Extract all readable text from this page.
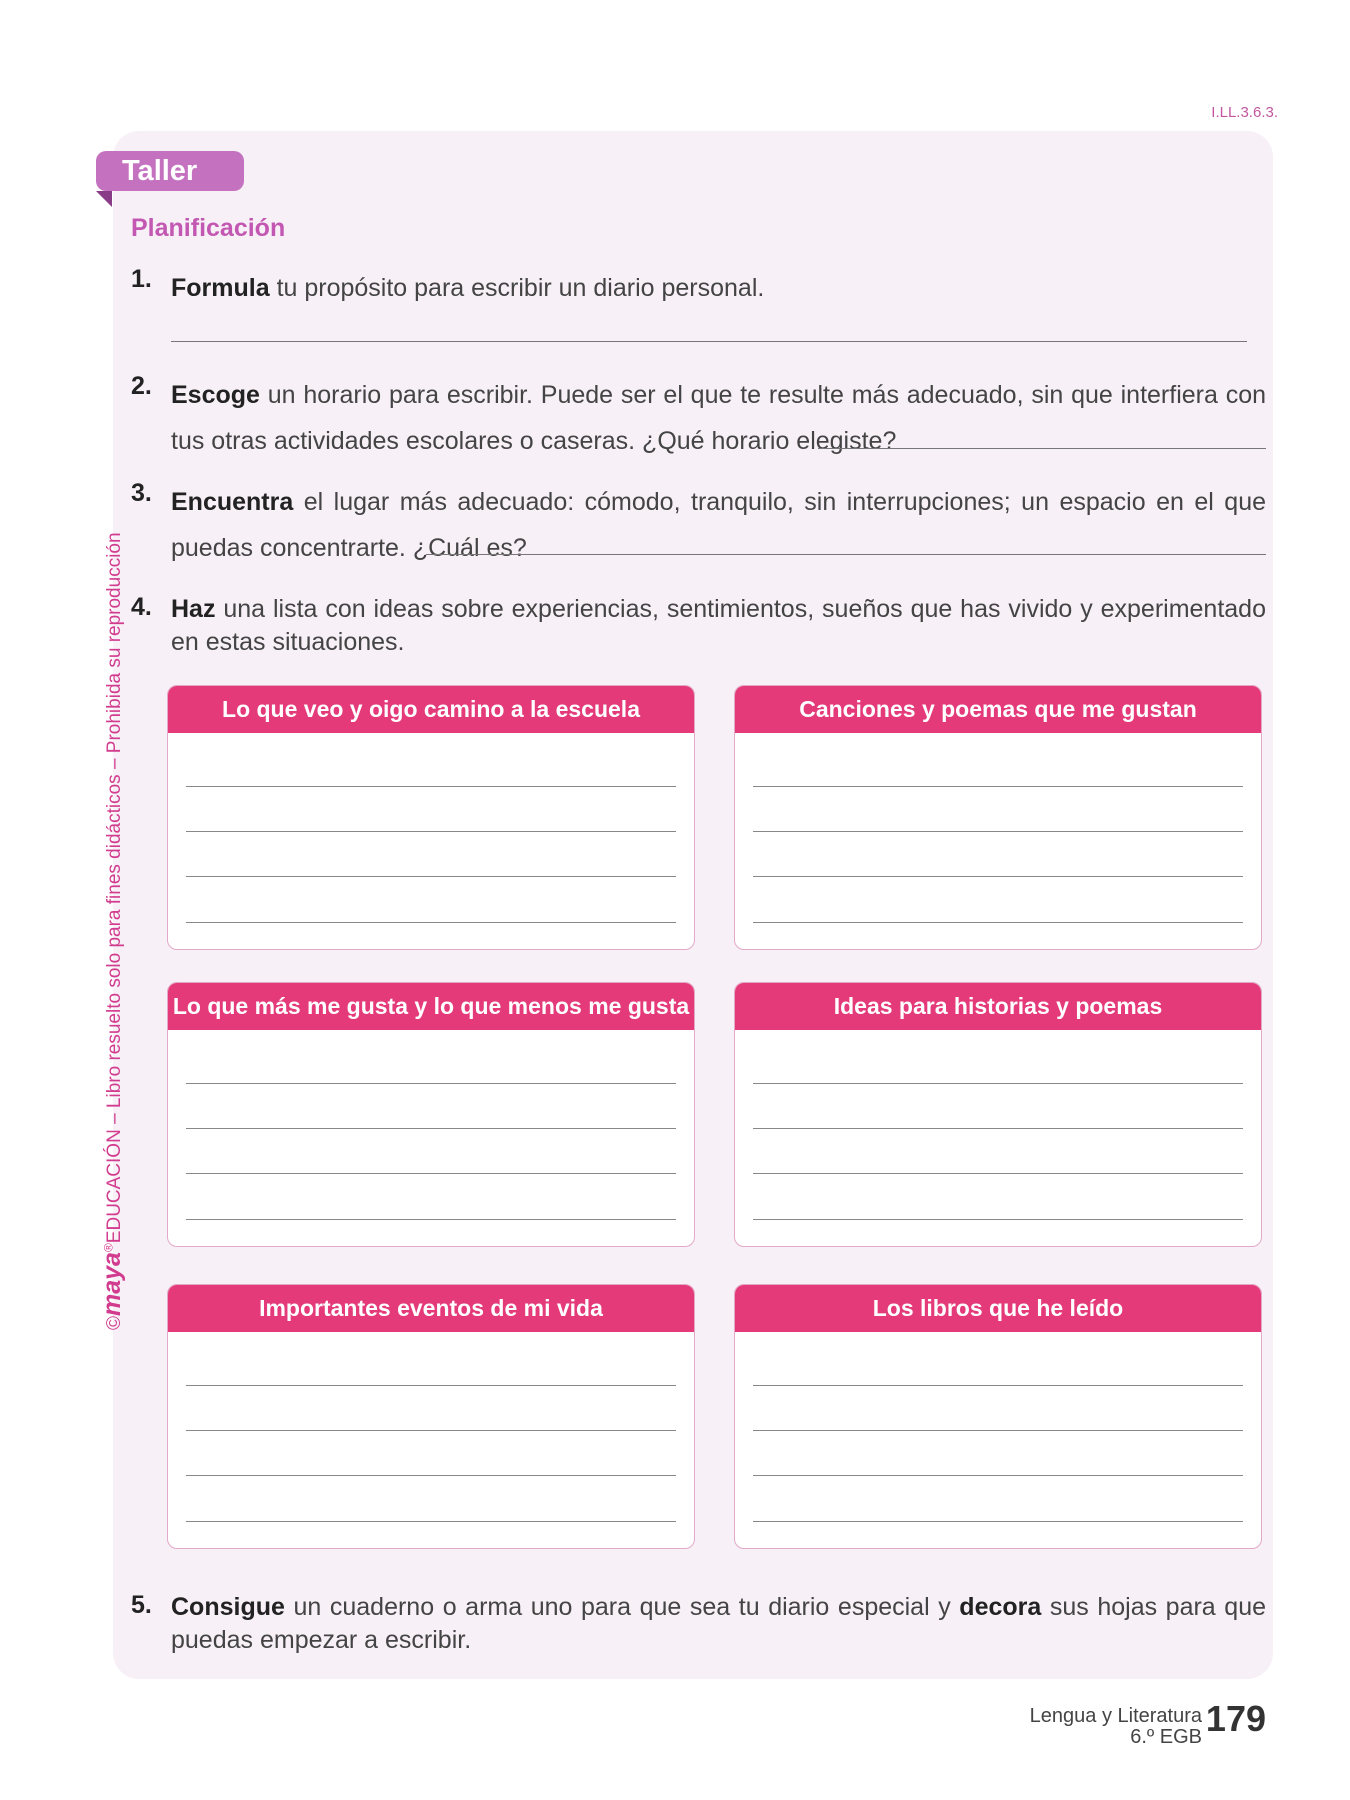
I.LL.3.6.3.
Taller
Planificación
1. Formula tu propósito para escribir un diario personal.
2. Escoge un horario para escribir. Puede ser el que te resulte más adecuado, sin que interfiera con tus otras actividades escolares o caseras. ¿Qué horario elegiste?
3. Encuentra el lugar más adecuado: cómodo, tranquilo, sin interrupciones; un espacio en el que puedas concentrarte. ¿Cuál es?
4. Haz una lista con ideas sobre experiencias, sentimientos, sueños que has vivido y experimentado en estas situaciones.
Lo que veo y oigo camino a la escuela	Canciones y poemas que me gustan
Lo que más me gusta y lo que menos me gusta	Ideas para historias y poemas
Importantes eventos de mi vida	Los libros que he leído
5. Consigue un cuaderno o arma uno para que sea tu diario especial y decora sus hojas para que puedas empezar a escribir.
©maya®EDUCACIÓN – Libro resuelto solo para fines didácticos – Prohibida su reproducción
Lengua y Literatura
6.º EGB 179
